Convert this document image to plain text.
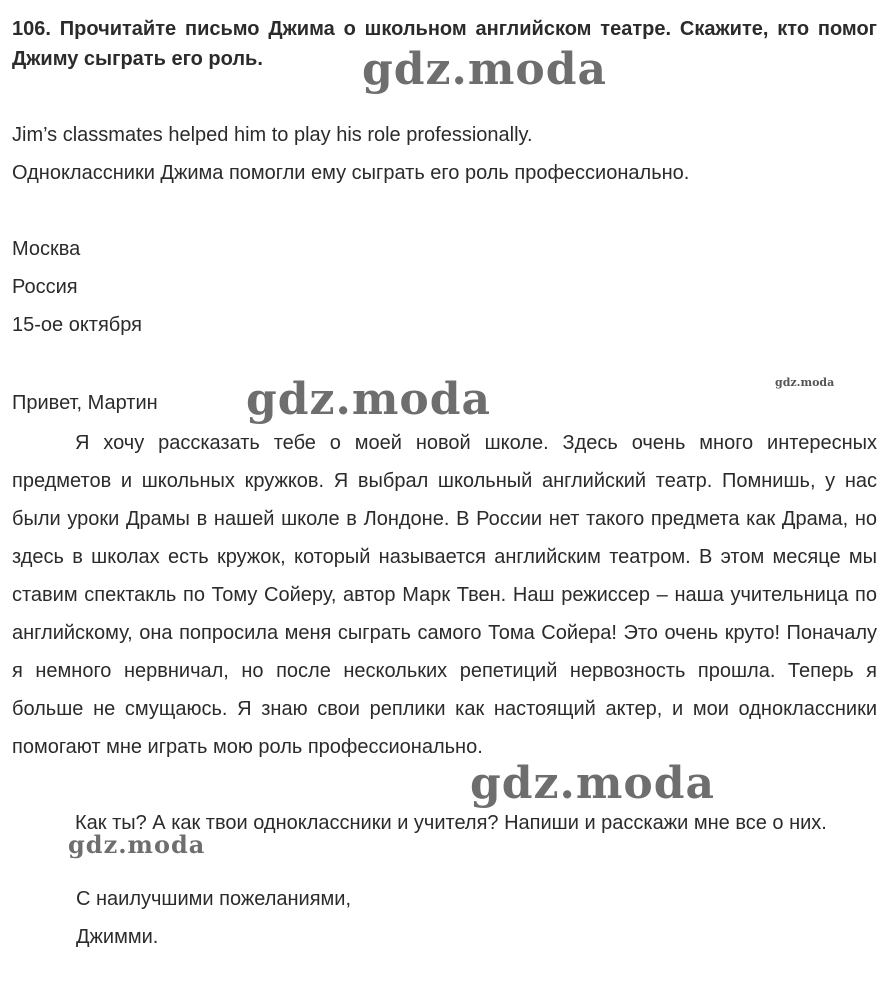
106. Прочитайте письмо Джима о школьном английском театре. Скажите, кто помог Джиму сыграть его роль.

Jim’s classmates helped him to play his role professionally.

Одноклассники Джима помогли ему сыграть его роль профессионально.

Москва

Россия

15-ое октября

Привет, Мартин

Я хочу рассказать тебе о моей новой школе. Здесь очень много интересных предметов и школьных кружков. Я выбрал школьный английский театр. Помнишь, у нас были уроки Драмы в нашей школе в Лондоне. В России нет такого предмета как Драма, но здесь в школах есть кружок, который называется английским театром. В этом месяце мы ставим спектакль по Тому Сойеру, автор Марк Твен. Наш режиссер – наша учительница по английскому, она попросила меня сыграть самого Тома Сойера! Это очень круто! Поначалу я немного нервничал, но после нескольких репетиций нервозность прошла. Теперь я больше не смущаюсь. Я знаю свои реплики как настоящий актер, и мои одноклассники помогают мне играть мою роль профессионально.

Как ты? А как твои одноклассники и учителя? Напиши и расскажи мне все о них.

С наилучшими пожеланиями,

Джимми.

gdz.moda
gdz.moda
gdz.moda
gdz.moda
gdz.moda
